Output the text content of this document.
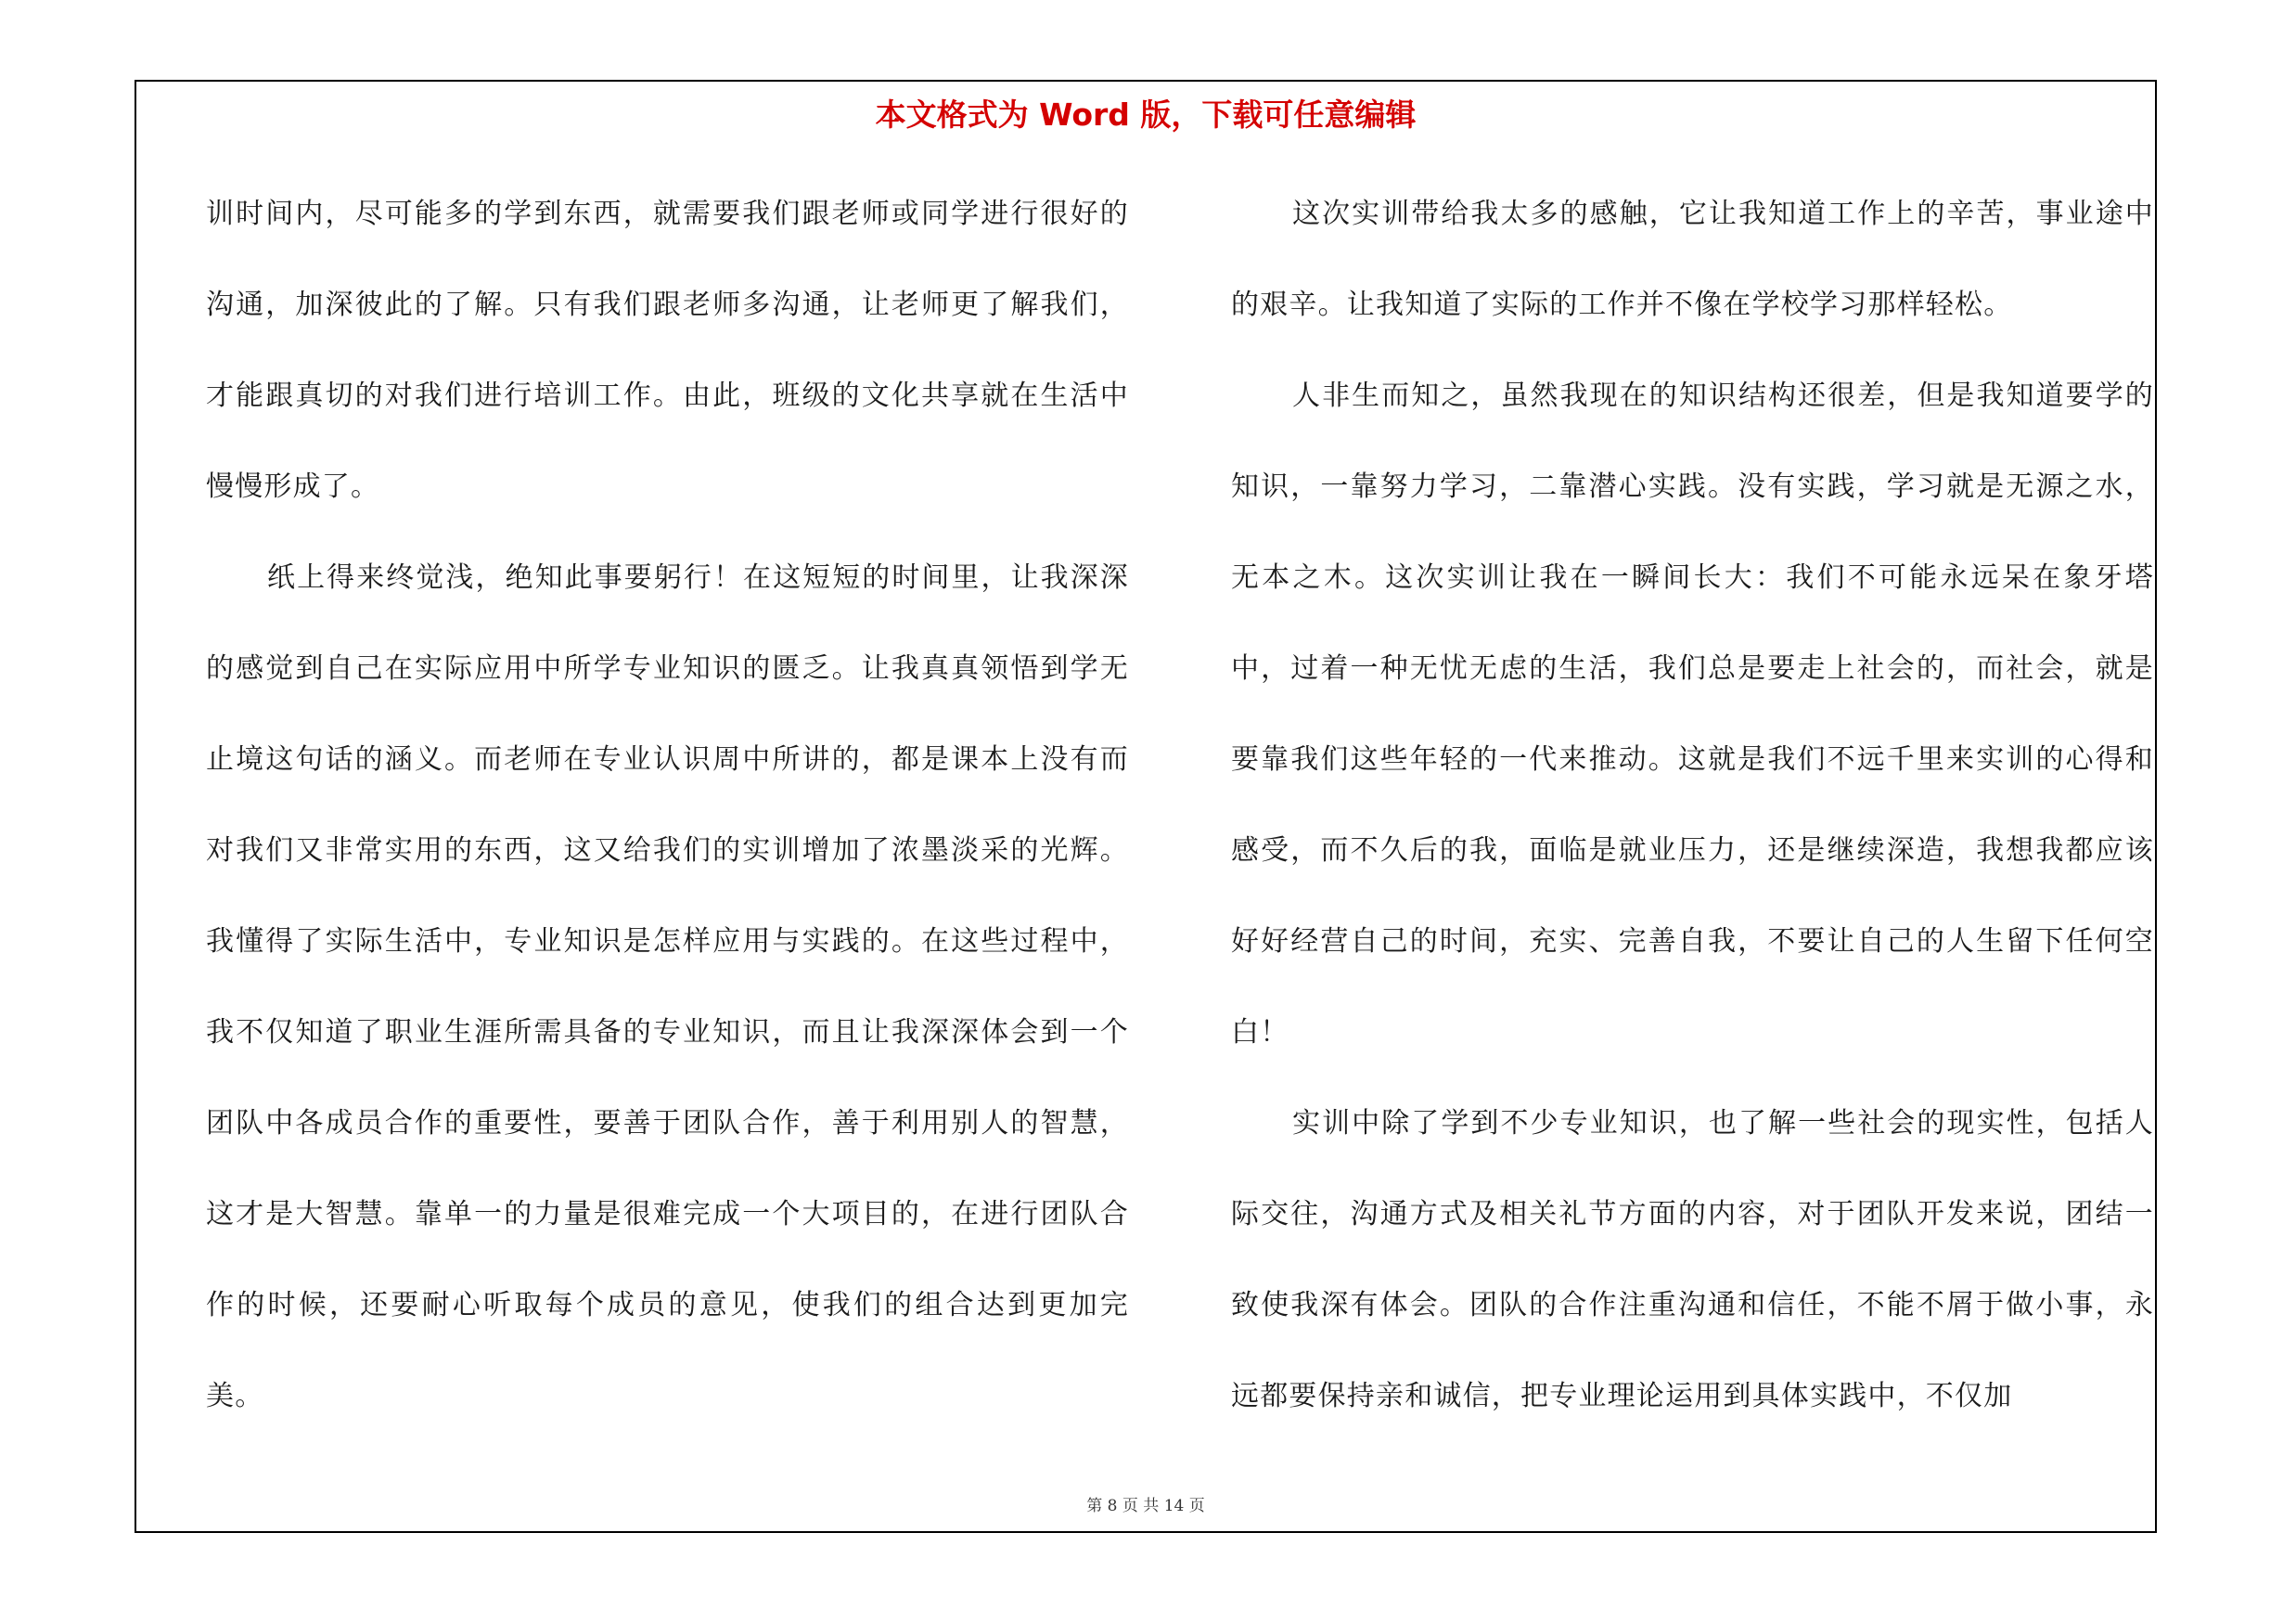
本文格式为 Word 版，下载可任意编辑

训时间内，尽可能多的学到东西，就需要我们跟老师或同学进行很好的沟通，加深彼此的了解。只有我们跟老师多沟通，让老师更了解我们，才能跟真切的对我们进行培训工作。由此，班级的文化共享就在生活中慢慢形成了。

纸上得来终觉浅，绝知此事要躬行！在这短短的时间里，让我深深的感觉到自己在实际应用中所学专业知识的匮乏。让我真真领悟到学无止境这句话的涵义。而老师在专业认识周中所讲的，都是课本上没有而对我们又非常实用的东西，这又给我们的实训增加了浓墨淡采的光辉。我懂得了实际生活中，专业知识是怎样应用与实践的。在这些过程中，我不仅知道了职业生涯所需具备的专业知识，而且让我深深体会到一个团队中各成员合作的重要性，要善于团队合作，善于利用别人的智慧，这才是大智慧。靠单一的力量是很难完成一个大项目的，在进行团队合作的时候，还要耐心听取每个成员的意见，使我们的组合达到更加完美。

这次实训带给我太多的感触，它让我知道工作上的辛苦，事业途中的艰辛。让我知道了实际的工作并不像在学校学习那样轻松。

人非生而知之，虽然我现在的知识结构还很差，但是我知道要学的知识，一靠努力学习，二靠潜心实践。没有实践，学习就是无源之水，无本之木。这次实训让我在一瞬间长大：我们不可能永远呆在象牙塔中，过着一种无忧无虑的生活，我们总是要走上社会的，而社会，就是要靠我们这些年轻的一代来推动。这就是我们不远千里来实训的心得和感受，而不久后的我，面临是就业压力，还是继续深造，我想我都应该好好经营自己的时间，充实、完善自我，不要让自己的人生留下任何空白！

实训中除了学到不少专业知识，也了解一些社会的现实性，包括人际交往，沟通方式及相关礼节方面的内容，对于团队开发来说，团结一致使我深有体会。团队的合作注重沟通和信任，不能不屑于做小事，永远都要保持亲和诚信，把专业理论运用到具体实践中，不仅加

第 8 页 共 14 页
